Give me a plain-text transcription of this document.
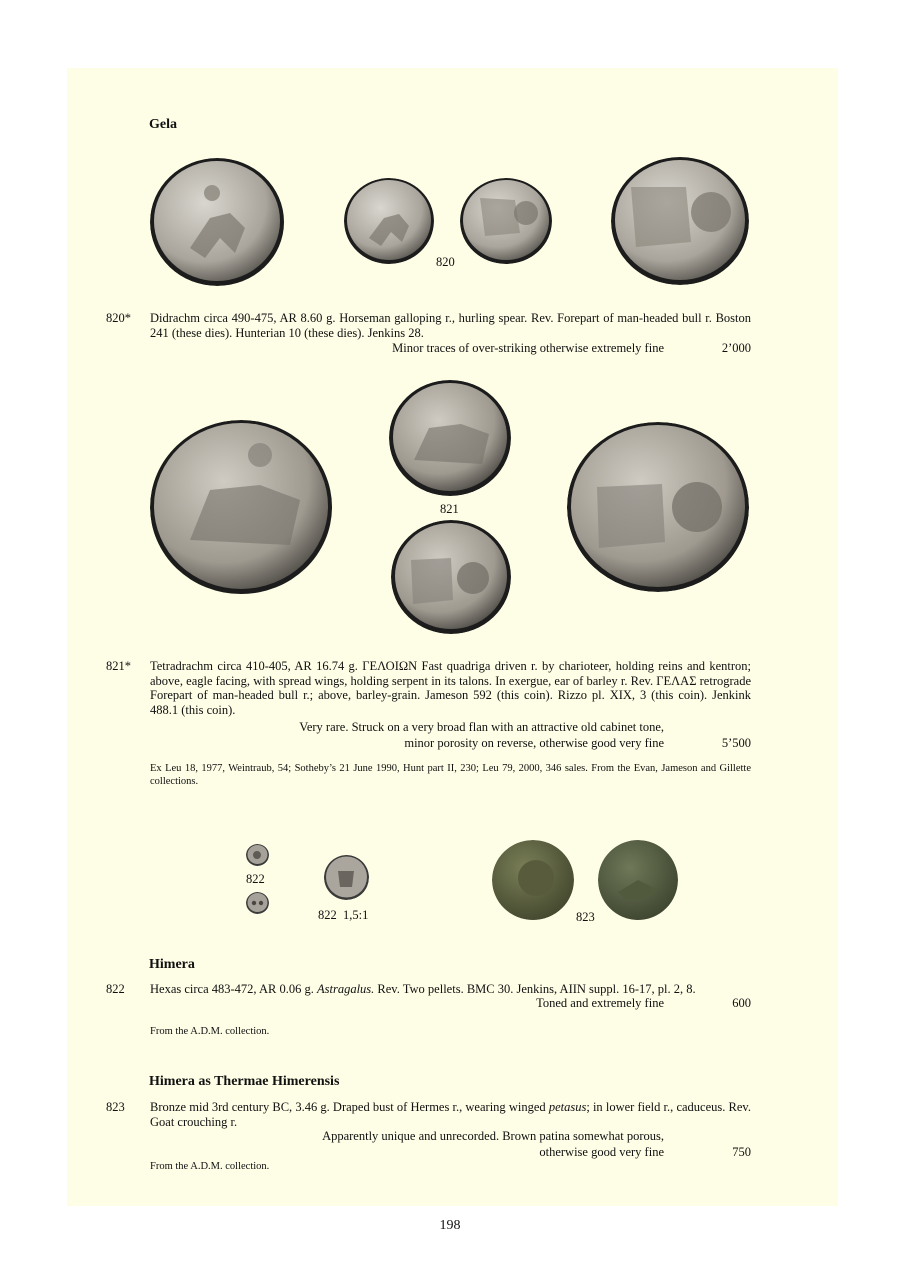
Gela
820
820* Didrachm circa 490-475, AR 8.60 g. Horseman galloping r., hurling spear. Rev. Forepart of man-headed bull r. Boston 241 (these dies). Hunterian 10 (these dies). Jenkins 28.
Minor traces of over-striking otherwise extremely fine	2’000
821
821* Tetradrachm circa 410-405, AR 16.74 g. ΓΕΛΟΙΩΝ Fast quadriga driven r. by charioteer, holding reins and kentron; above, eagle facing, with spread wings, holding serpent in its talons. In exergue, ear of barley r. Rev. ΓΕΛΑΣ retrograde Forepart of man-headed bull r.; above, barley-grain. Jameson 592 (this coin). Rizzo pl. XIX, 3 (this coin). Jenkink 488.1 (this coin).
Very rare. Struck on a very broad flan with an attractive old cabinet tone,
minor porosity on reverse, otherwise good very fine	5’500
Ex Leu 18, 1977, Weintraub, 54; Sotheby’s 21 June 1990, Hunt part II, 230; Leu 79, 2000, 346 sales. From the Evan, Jameson and Gillette collections.
822
822  1,5:1	823
Himera
822 Hexas circa 483-472, AR 0.06 g. Astragalus. Rev. Two pellets. BMC 30. Jenkins, AIIN suppl. 16-17, pl. 2, 8.
Toned and extremely fine	600
From the A.D.M. collection.
Himera as Thermae Himerensis
823 Bronze mid 3rd century BC, 3.46 g. Draped bust of Hermes r., wearing winged petasus; in lower field r., caduceus. Rev. Goat crouching r.
Apparently unique and unrecorded. Brown patina somewhat porous,
otherwise good very fine	750
From the A.D.M. collection.
198
